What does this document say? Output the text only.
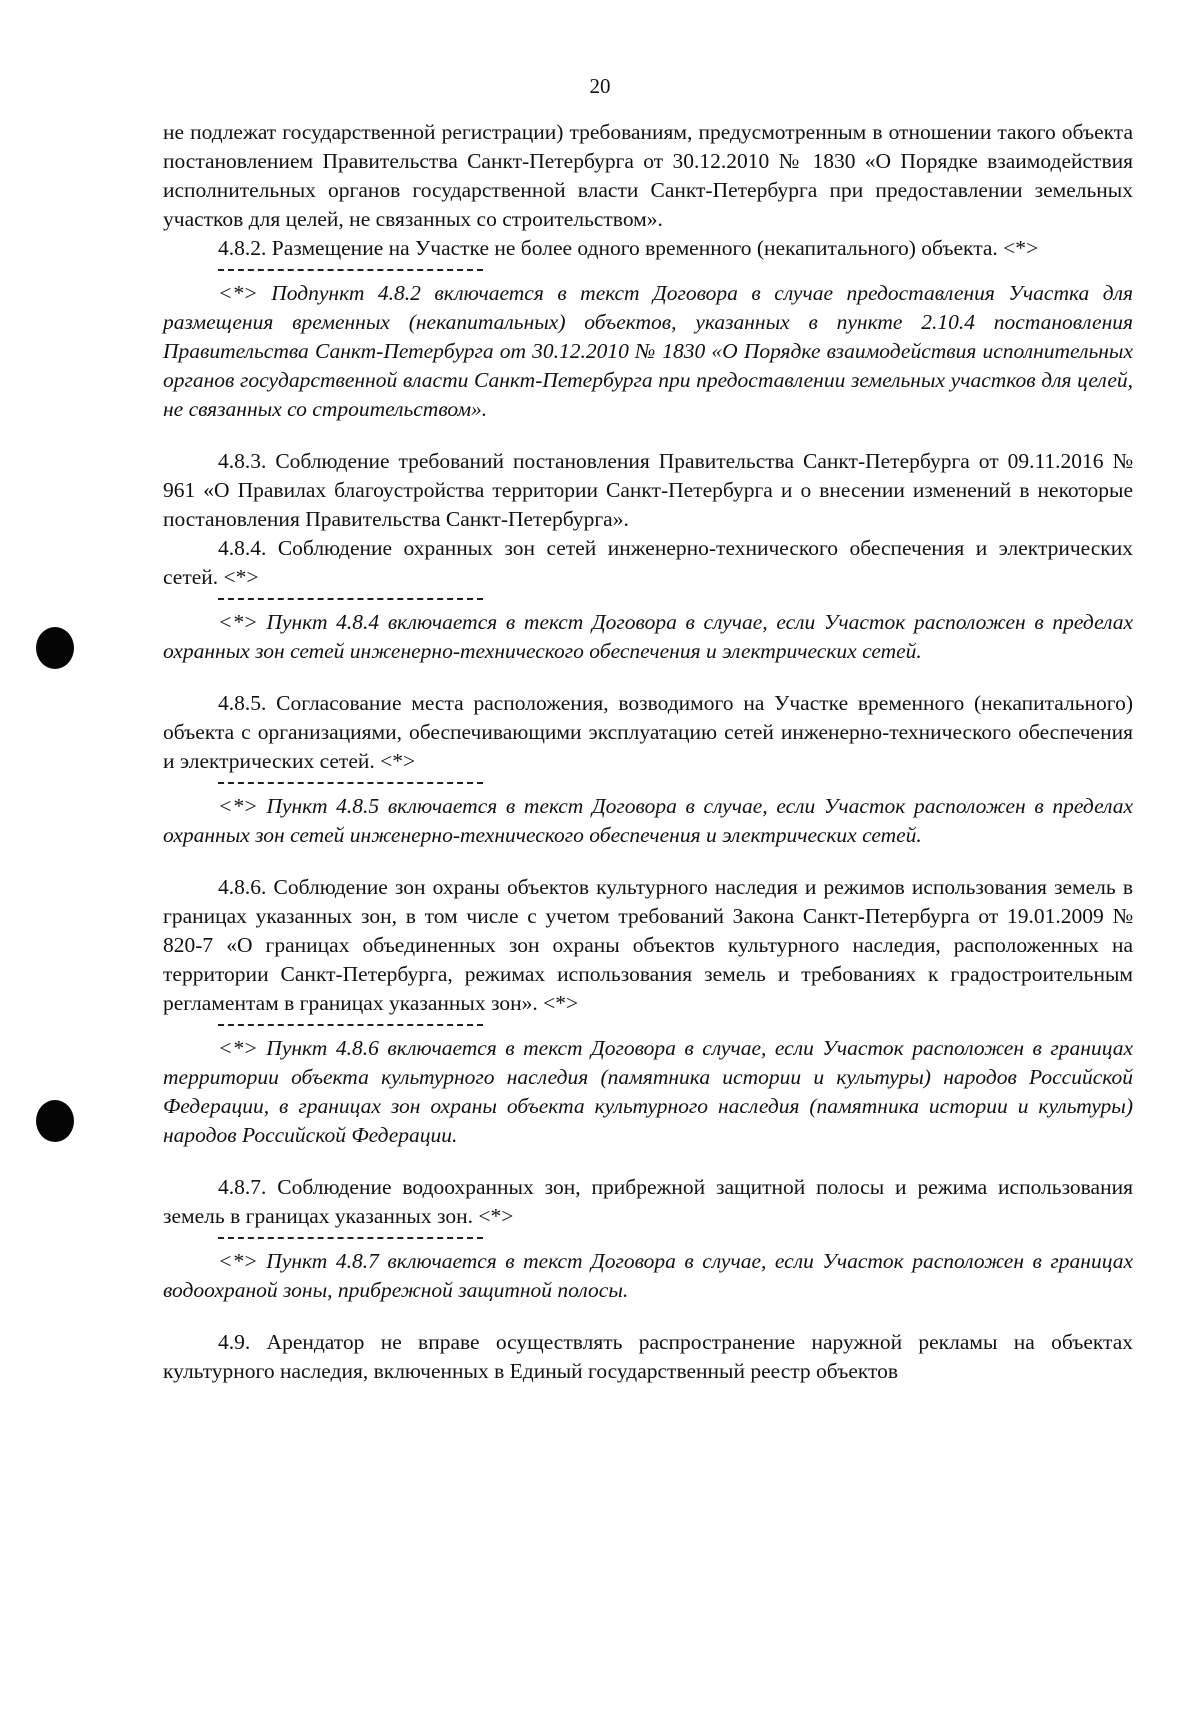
20

не подлежат государственной регистрации) требованиям, предусмотренным в отношении такого объекта постановлением Правительства Санкт-Петербурга от 30.12.2010 № 1830 «О Порядке взаимодействия исполнительных органов государственной власти Санкт-Петербурга при предоставлении земельных участков для целей, не связанных со строительством».

4.8.2. Размещение на Участке не более одного временного (некапитального) объекта. <*>

<*> Подпункт 4.8.2 включается в текст Договора в случае предоставления Участка для размещения временных (некапитальных) объектов, указанных в пункте 2.10.4 постановления Правительства Санкт-Петербурга от 30.12.2010 № 1830 «О Порядке взаимодействия исполнительных органов государственной власти Санкт-Петербурга при предоставлении земельных участков для целей, не связанных со строительством».

4.8.3. Соблюдение требований постановления Правительства Санкт-Петербурга от 09.11.2016 № 961 «О Правилах благоустройства территории Санкт-Петербурга и о внесении изменений в некоторые постановления Правительства Санкт-Петербурга».

4.8.4. Соблюдение охранных зон сетей инженерно-технического обеспечения и электрических сетей. <*>

<*> Пункт 4.8.4 включается в текст Договора в случае, если Участок расположен в пределах охранных зон сетей инженерно-технического обеспечения и электрических сетей.

4.8.5. Согласование места расположения, возводимого на Участке временного (некапитального) объекта с организациями, обеспечивающими эксплуатацию сетей инженерно-технического обеспечения и электрических сетей. <*>

<*> Пункт 4.8.5 включается в текст Договора в случае, если Участок расположен в пределах охранных зон сетей инженерно-технического обеспечения и электрических сетей.

4.8.6. Соблюдение зон охраны объектов культурного наследия и режимов использования земель в границах указанных зон, в том числе с учетом требований Закона Санкт-Петербурга от 19.01.2009 № 820-7 «О границах объединенных зон охраны объектов культурного наследия, расположенных на территории Санкт-Петербурга, режимах использования земель и требованиях к градостроительным регламентам в границах указанных зон». <*>

<*> Пункт 4.8.6 включается в текст Договора в случае, если Участок расположен в границах территории объекта культурного наследия (памятника истории и культуры) народов Российской Федерации, в границах зон охраны объекта культурного наследия (памятника истории и культуры) народов Российской Федерации.

4.8.7. Соблюдение водоохранных зон, прибрежной защитной полосы и режима использования земель в границах указанных зон. <*>

<*> Пункт 4.8.7 включается в текст Договора в случае, если Участок расположен в границах водоохраной зоны, прибрежной защитной полосы.

4.9. Арендатор не вправе осуществлять распространение наружной рекламы на объектах культурного наследия, включенных в Единый государственный реестр объектов
